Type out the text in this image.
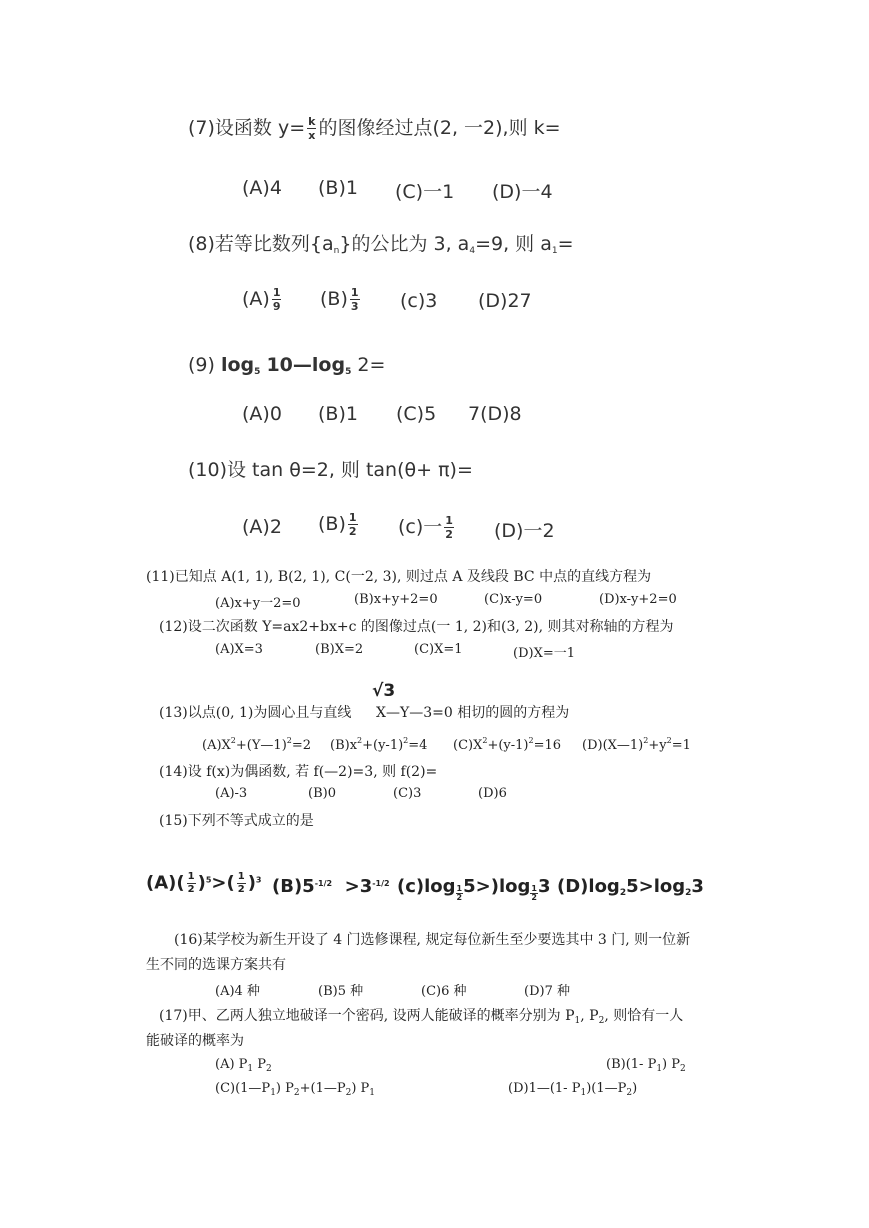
(7)设函数 $y= \frac{k}{x}$ 的图像经过点(2, 一2),则 k=
(A)4 (B)1 (C)一1 (D)一4
(8)若等比数列$\{a_n\}$的公比为 3, $a_4=9$, 则 $a_1=$
$(A) \frac{1}{9} (B) \frac{1}{3} (c)3$ (D)27
(9) $\log_5$ $10—\log_5$ 2=
(A)0 (B)1 (C)5 7(D)8
(10)设 tan θ=2, 则 tan(θ+ π)=
(A)2 $(B) \frac{1}{2} (c)$一 $\frac{1}{2} (D)$一2
(11)已知点 A(1, 1), B(2, 1), C(一2, 3), 则过点 A 及线段 BC 中点的直线方程为
(A)x+y一2=0	(B)x+y+2=0	(C)x-y=0	(D)x-y+2=0
(12)设二次函数 Y=ax2+bx+c 的图像过点(一 1, 2)和(3, 2), 则其对称轴的方程为
(A)X=3	(B)X=2	(C)X=1	(D)X=一1
√3
(13)以点(0, 1)为圆心且与直线 X—Y—3=0 相切的圆的方程为
$(A)X^2+(Y—1)^2=2$ $(B)x^2+(y-1)^2=4$ $(C)X^2+(y-1)^2=16$ $(D)(X—1)^2+y^2=1$
(14)设 f(x)为偶函数, 若 f(—2)=3, 则 f(2)=
(A)-3	(B)0	(C)3	(D)6
(15)下列不等式成立的是
$(A)( \frac{1}{2} )^5>( \frac{1}{2} )^3$ $(B)5^{-1/2} >3^{-1/2}$ $(c)\log \frac{1}{2} 5>)\log \frac{1}{2} 3$ $(D)\log_25>\log_23$
(16)某学校为新生开设了 4 门选修课程, 规定每位新生至少要选其中 3 门, 则一位新
生不同的选课方案共有
(A)4 种	(B)5 种	(C)6 种	(D)7 种
(17)甲、乙两人独立地破译一个密码, 设两人能破译的概率分别为 $P_1$, $P_2$, 则恰有一人
能破译的概率为
(A) $P_1$ $P_2$	(B)(1- $P_1$) $P_2$
$(C)(1—P_1)$ $P_2+(1—P_2)$ $P_1$	(D)1—(1- $P_1)(1—P_2)$
